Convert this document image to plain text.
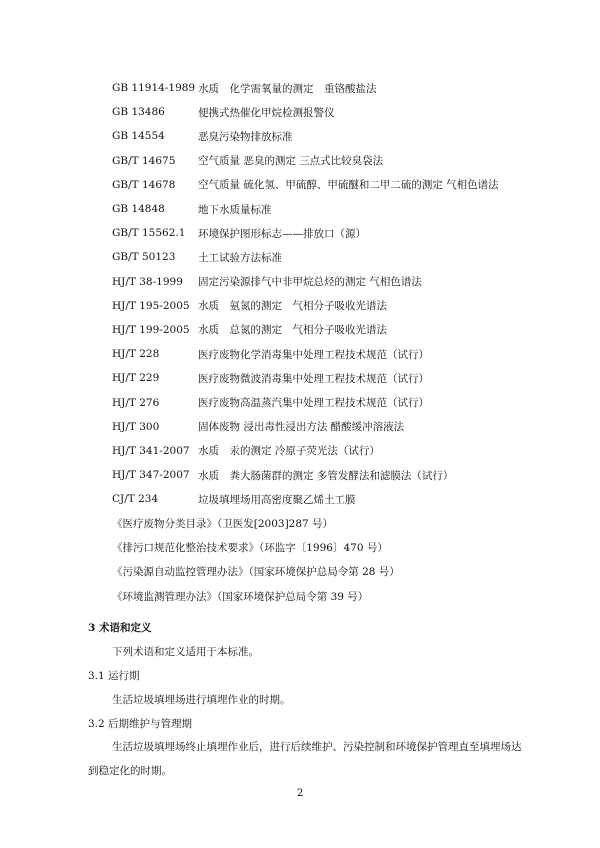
GB 11914-1989 水质　化学需氧量的测定　重铬酸盐法
GB 13486	便携式热催化甲烷检测报警仪
GB 14554	恶臭污染物排放标准
GB/T 14675	空气质量 恶臭的测定 三点式比较臭袋法
GB/T 14678	空气质量 硫化氢、甲硫醇、甲硫醚和二甲二硫的测定 气相色谱法
GB 14848	地下水质量标准
GB/T 15562.1	环境保护图形标志——排放口（源）
GB/T 50123	土工试验方法标准
HJ/T 38-1999	固定污染源排气中非甲烷总烃的测定 气相色谱法
HJ/T 195-2005 水质　氨氮的测定　气相分子吸收光谱法
HJ/T 199-2005 水质　总氮的测定　气相分子吸收光谱法
HJ/T 228	医疗废物化学消毒集中处理工程技术规范（试行）
HJ/T 229	医疗废物微波消毒集中处理工程技术规范（试行）
HJ/T 276	医疗废物高温蒸汽集中处理工程技术规范（试行）
HJ/T 300	固体废物 浸出毒性浸出方法 醋酸缓冲溶液法
HJ/T 341-2007 水质　汞的测定 冷原子荧光法（试行）
HJ/T 347-2007 水质　粪大肠菌群的测定 多管发酵法和滤膜法（试行）
CJ/T 234	垃圾填埋场用高密度聚乙烯土工膜
《医疗废物分类目录》（卫医发[2003]287 号）
《排污口规范化整治技术要求》（环监字〔1996〕470 号）
《污染源自动监控管理办法》（国家环境保护总局令第 28 号）
《环境监测管理办法》（国家环境保护总局令第 39 号）
3 术语和定义
下列术语和定义适用于本标准。
3.1 运行期
生活垃圾填埋场进行填埋作业的时期。
3.2 后期维护与管理期
生活垃圾填埋场终止填埋作业后，进行后续维护、污染控制和环境保护管理直至填埋场达到稳定化的时期。
2
